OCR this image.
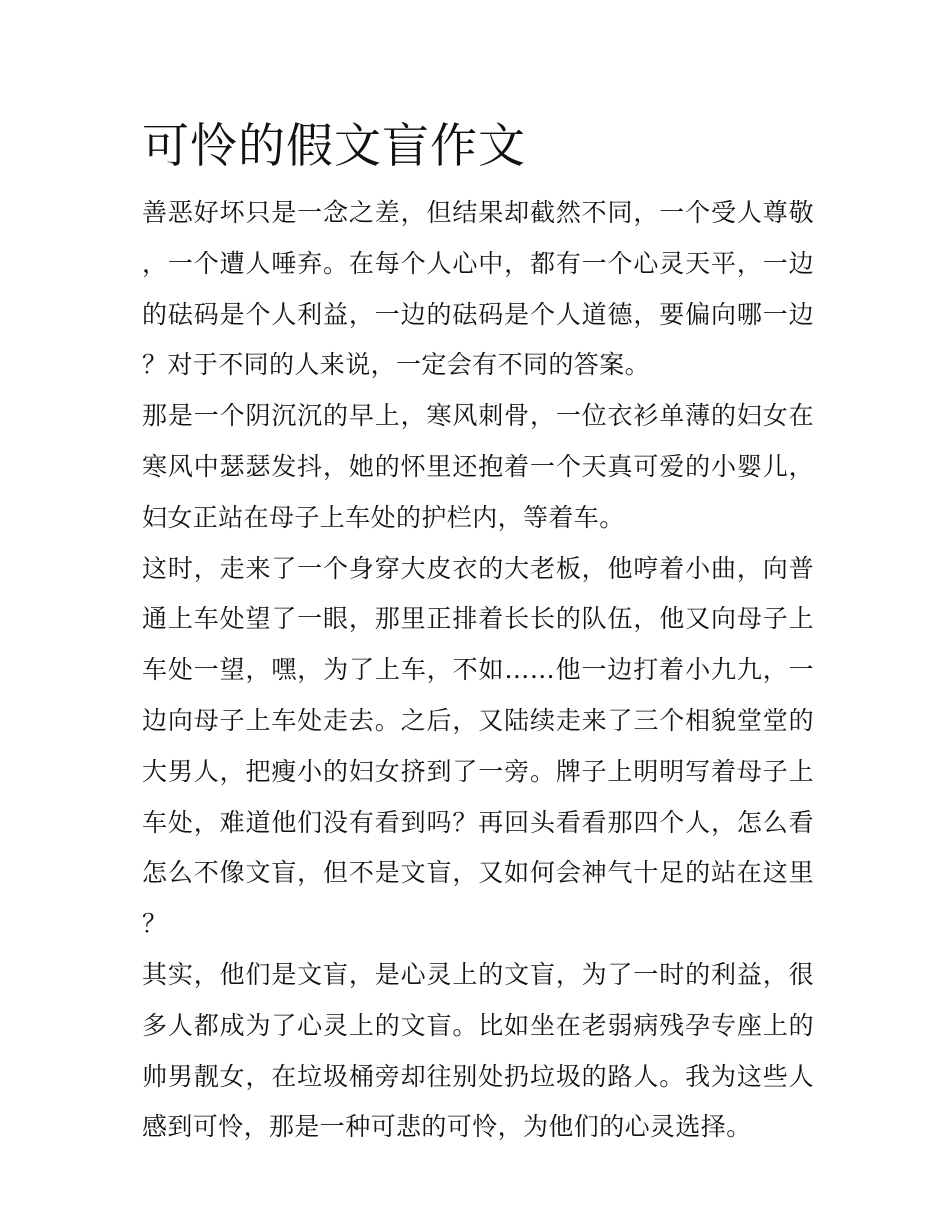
可怜的假文盲作文

善恶好坏只是一念之差，但结果却截然不同，一个受人尊敬，一个遭人唾弃。在每个人心中，都有一个心灵天平，一边的砝码是个人利益，一边的砝码是个人道德，要偏向哪一边？对于不同的人来说，一定会有不同的答案。

那是一个阴沉沉的早上，寒风刺骨，一位衣衫单薄的妇女在寒风中瑟瑟发抖，她的怀里还抱着一个天真可爱的小婴儿，妇女正站在母子上车处的护栏内，等着车。

这时，走来了一个身穿大皮衣的大老板，他哼着小曲，向普通上车处望了一眼，那里正排着长长的队伍，他又向母子上车处一望，嘿，为了上车，不如……他一边打着小九九，一边向母子上车处走去。之后，又陆续走来了三个相貌堂堂的大男人，把瘦小的妇女挤到了一旁。牌子上明明写着母子上车处，难道他们没有看到吗？再回头看看那四个人，怎么看怎么不像文盲，但不是文盲，又如何会神气十足的站在这里？

其实，他们是文盲，是心灵上的文盲，为了一时的利益，很多人都成为了心灵上的文盲。比如坐在老弱病残孕专座上的帅男靓女，在垃圾桶旁却往别处扔垃圾的路人。我为这些人感到可怜，那是一种可悲的可怜，为他们的心灵选择。
